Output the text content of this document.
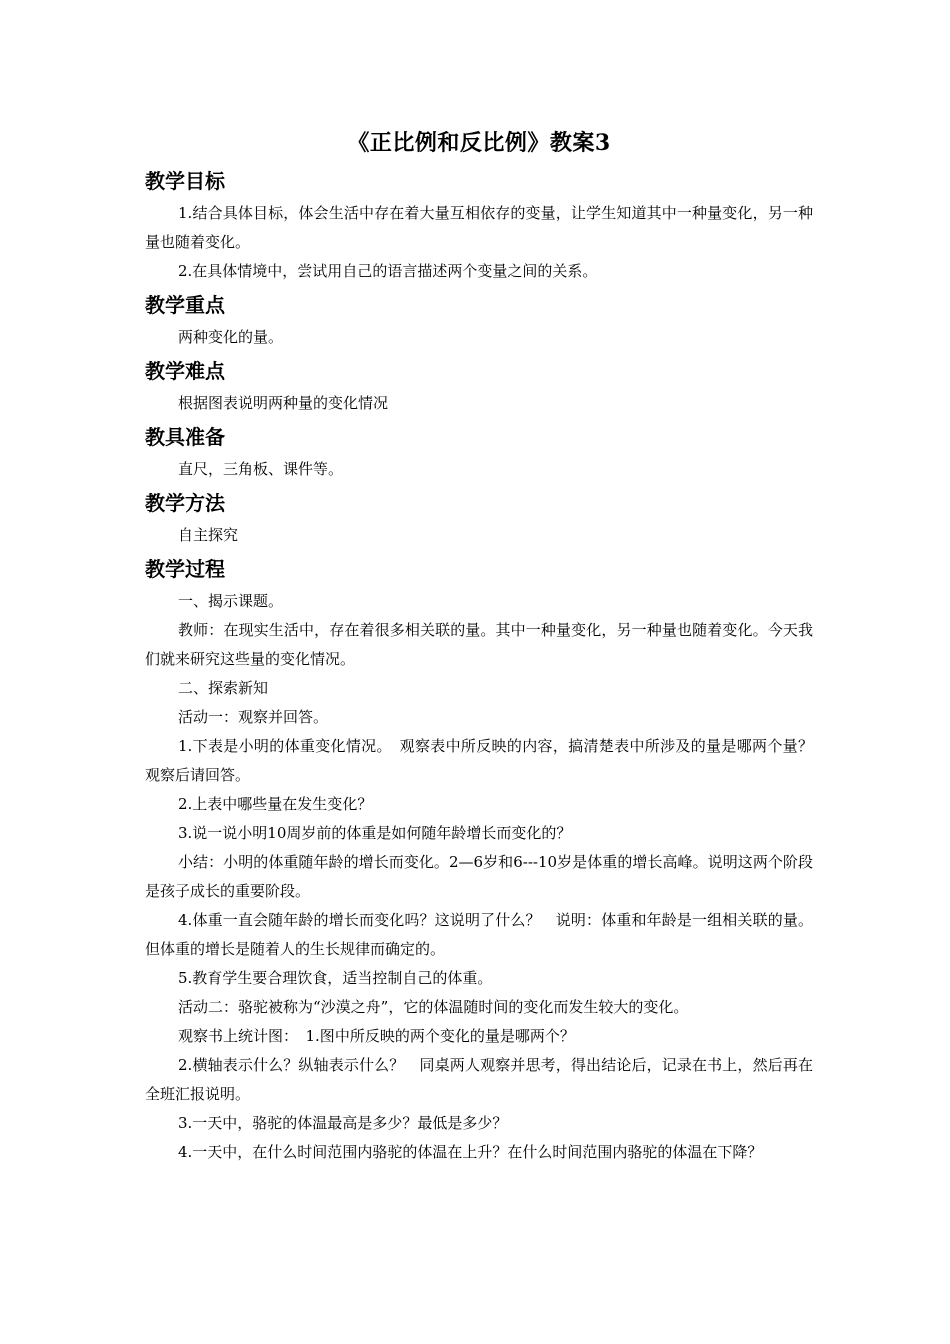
《正比例和反比例》教案3
教学目标

1.结合具体目标，体会生活中存在着大量互相依存的变量，让学生知道其中一种量变化，另一种量也随着变化。

2.在具体情境中，尝试用自己的语言描述两个变量之间的关系。

教学重点

两种变化的量。

教学难点

根据图表说明两种量的变化情况

教具准备

直尺，三角板、课件等。

教学方法

自主探究

教学过程

一、揭示课题。

教师：在现实生活中，存在着很多相关联的量。其中一种量变化，另一种量也随着变化。今天我们就来研究这些量的变化情况。

二、探索新知

活动一：观察并回答。

1.下表是小明的体重变化情况。　观察表中所反映的内容，搞清楚表中所涉及的量是哪两个量？观察后请回答。

2.上表中哪些量在发生变化？

3.说一说小明10周岁前的体重是如何随年龄增长而变化的？

小结：小明的体重随年龄的增长而变化。2—6岁和6---10岁是体重的增长高峰。说明这两个阶段是孩子成长的重要阶段。

4.体重一直会随年龄的增长而变化吗？这说明了什么？　说明：体重和年龄是一组相关联的量。但体重的增长是随着人的生长规律而确定的。

5.教育学生要合理饮食，适当控制自己的体重。

活动二：骆驼被称为“沙漠之舟”，它的体温随时间的变化而发生较大的变化。

观察书上统计图：　1.图中所反映的两个变化的量是哪两个？

2.横轴表示什么？纵轴表示什么？　同桌两人观察并思考，得出结论后，记录在书上，然后再在全班汇报说明。

3.一天中，骆驼的体温最高是多少？最低是多少？

4.一天中，在什么时间范围内骆驼的体温在上升？在什么时间范围内骆驼的体温在下降？
